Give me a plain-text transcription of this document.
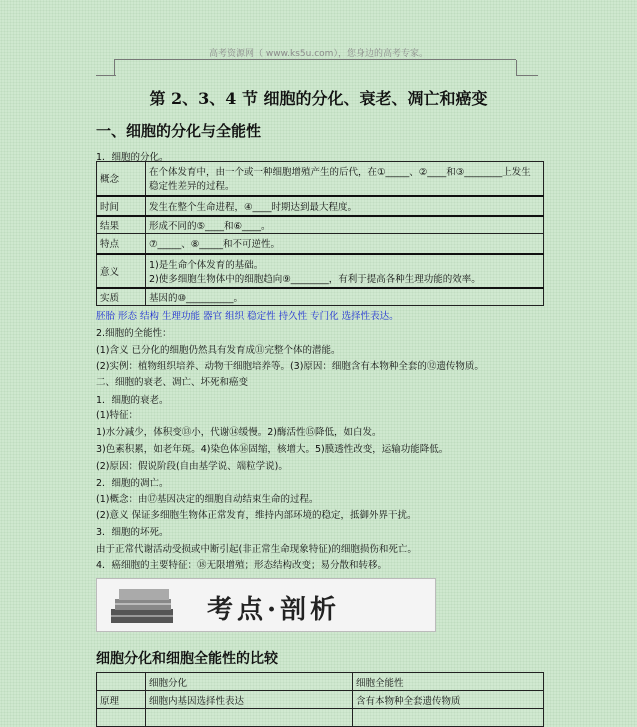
高考资源网（ www.ks5u.com），您身边的高考专家。
第 2、3、4 节 细胞的分化、衰老、凋亡和癌变
一、细胞的分化与全能性
1．细胞的分化。
概念	在个体发育中，由一个或一种细胞增殖产生的后代，在①_____、②____和③________上发生稳定性差异的过程。
时间	发生在整个生命进程，④____时期达到最大程度。
结果	形成不同的⑤____和⑥____。
特点	⑦_____、⑧_____和不可逆性。
意义	1)是生命个体发育的基础。
2)使多细胞生物体中的细胞趋向⑨________，有利于提高各种生理功能的效率。

实质	基因的⑩__________。
胚胎 形态 结构 生理功能 器官 组织 稳定性 持久性 专门化 选择性表达。
2.细胞的全能性：
(1)含义 已分化的细胞仍然具有发育成⑪完整个体的潜能。
(2)实例：植物组织培养、动物干细胞培养等。(3)原因：细胞含有本物种全套的⑫遗传物质。
二、细胞的衰老、凋亡、坏死和癌变
1．细胞的衰老。
(1)特征：
1)水分减少，体积变⑬小，代谢⑭缓慢。2)酶活性⑮降低，如白发。
3)色素积累，如老年斑。4)染色体⑯固缩，核增大。5)膜透性改变，运输功能降低。
(2)原因：假说阶段(自由基学说、端粒学说)。
2．细胞的凋亡。
(1)概念：由⑰基因决定的细胞自动结束生命的过程。
(2)意义 保证多细胞生物体正常发育，维持内部环境的稳定，抵御外界干扰。
3．细胞的坏死。
由于正常代谢活动受损或中断引起(非正常生命现象特征)的细胞损伤和死亡。
4．癌细胞的主要特征：⑱无限增殖；形态结构改变；易分散和转移。
考点·剖析
细胞分化和细胞全能性的比较
	细胞分化	细胞全能性
原理	细胞内基因选择性表达	含有本物种全套遗传物质
